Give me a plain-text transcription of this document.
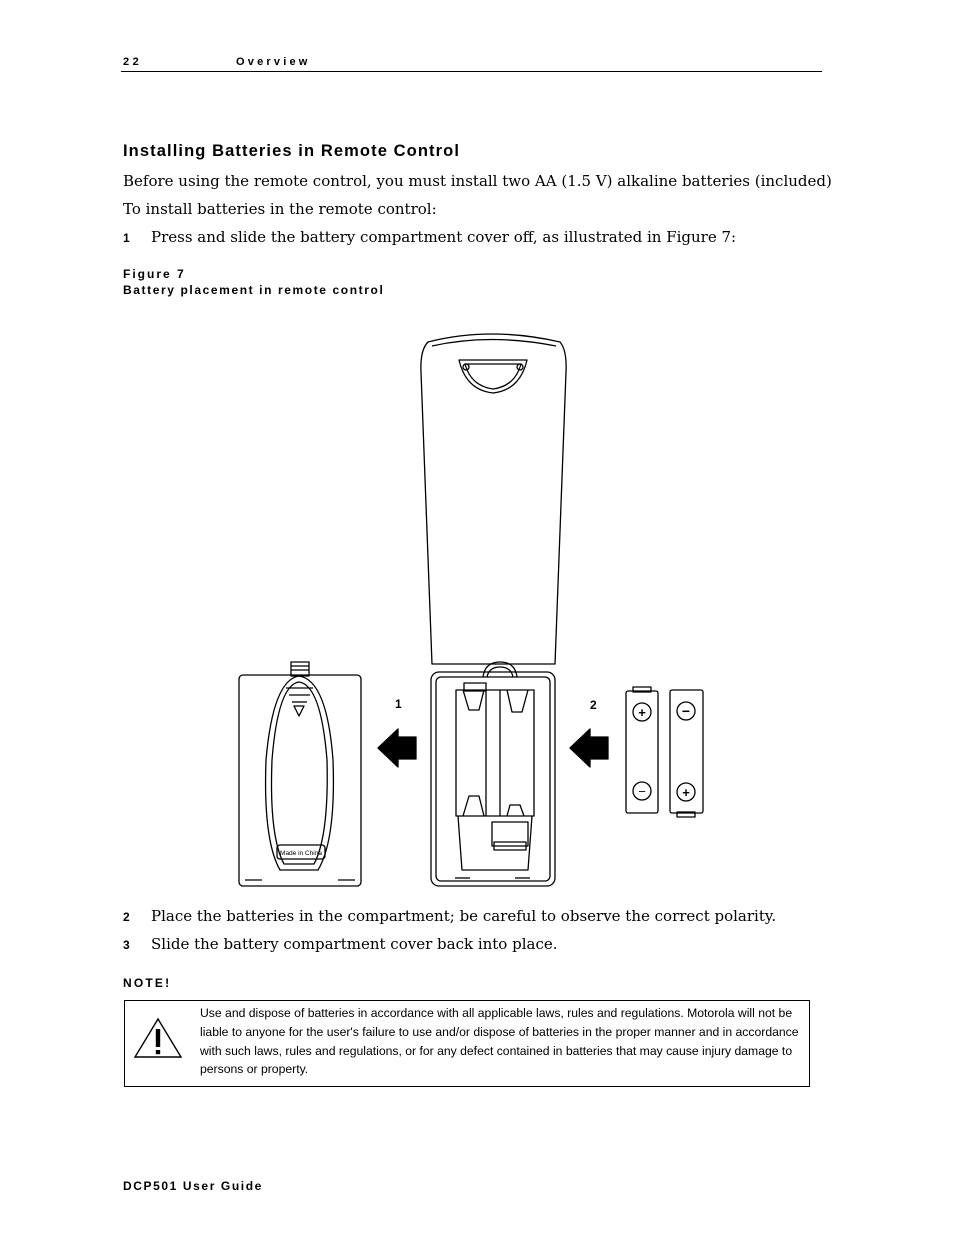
22	Overview
Installing Batteries in Remote Control
Before using the remote control, you must install two AA (1.5 V) alkaline batteries (included)
To install batteries in the remote control:
1 Press and slide the battery compartment cover off, as illustrated in Figure 7:
Figure 7
Battery placement in remote control
Made in China
+
−
−
+
1	2
2 Place the batteries in the compartment; be careful to observe the correct polarity.
3 Slide the battery compartment cover back into place.
NOTE!
Use and dispose of batteries in accordance with all applicable laws, rules and regulations. Motorola will not be liable to anyone for the user's failure to use and/or dispose of batteries in the proper manner and in accordance with such laws, rules and regulations, or for any defect contained in batteries that may cause injury damage to persons or property.
DCP501 User Guide
